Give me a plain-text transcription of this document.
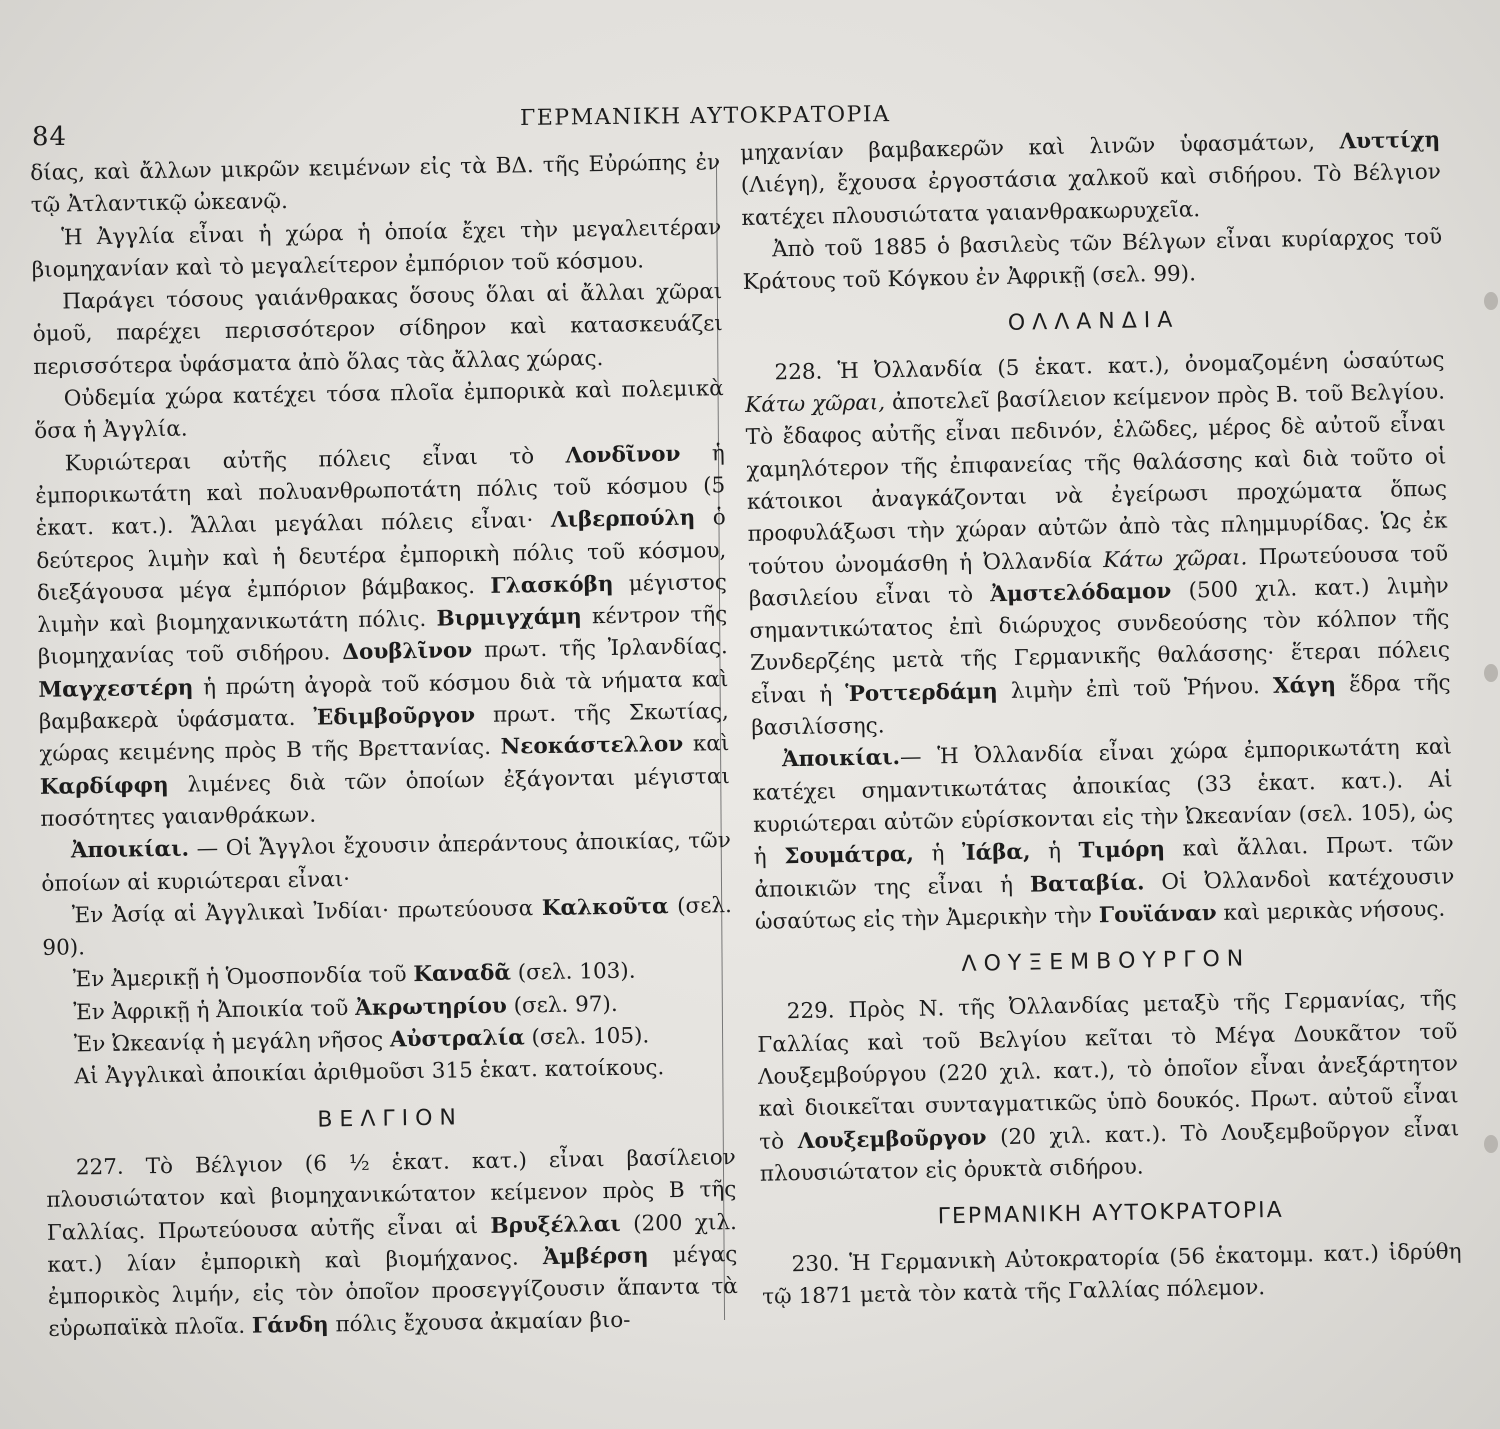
84
ΓΕΡΜΑΝΙΚΗ ΑΥΤΟΚΡΑΤΟΡΙΑ

δίας, καὶ ἄλλων μικρῶν κειμένων εἰς τὰ ΒΔ. τῆς Εὐρώπης ἐν τῷ Ἀτλαντικῷ ὠκεανῷ.

Ἡ Ἀγγλία εἶναι ἡ χώρα ἡ ὁποία ἔχει τὴν μεγαλειτέραν βιομηχανίαν καὶ τὸ μεγαλείτερον ἐμπόριον τοῦ κόσμου.

Παράγει τόσους γαιάνθρακας ὅσους ὅλαι αἱ ἄλλαι χῶραι ὁμοῦ, παρέχει περισσότερον σίδηρον καὶ κατασκευάζει περισσότερα ὑφάσματα ἀπὸ ὅλας τὰς ἄλλας χώρας.

Οὐδεμία χώρα κατέχει τόσα πλοῖα ἐμπορικὰ καὶ πολεμικὰ ὅσα ἡ Ἀγγλία.

Κυριώτεραι αὐτῆς πόλεις εἶναι τὸ Λονδῖνον ἡ ἐμπορικωτάτη καὶ πολυανθρωποτάτη πόλις τοῦ κόσμου (5 ἑκατ. κατ.). Ἄλλαι μεγάλαι πόλεις εἶναι· Λιβερπούλη ὁ δεύτερος λιμὴν καὶ ἡ δευτέρα ἐμπορικὴ πόλις τοῦ κόσμου, διεξάγουσα μέγα ἐμπόριον βάμβακος. Γλασκόβη μέγιστος λιμὴν καὶ βιομηχανικωτάτη πόλις. Βιρμιγχάμη κέντρον τῆς βιομηχανίας τοῦ σιδήρου. Δουβλῖνον πρωτ. τῆς Ἰρλανδίας. Μαγχεστέρη ἡ πρώτη ἀγορὰ τοῦ κόσμου διὰ τὰ νήματα καὶ βαμβακερὰ ὑφάσματα. Ἐδιμβοῦργον πρωτ. τῆς Σκωτίας, χώρας κειμένης πρὸς Β τῆς Βρεττανίας. Νεοκάστελλον καὶ Καρδίφφη λιμένες διὰ τῶν ὁποίων ἐξάγονται μέγισται ποσότητες γαιανθράκων.

Ἀποικίαι. — Οἱ Ἄγγλοι ἔχουσιν ἀπεράντους ἀποικίας, τῶν ὁποίων αἱ κυριώτεραι εἶναι·

Ἐν Ἀσίᾳ αἱ Ἀγγλικαὶ Ἰνδίαι· πρωτεύουσα Καλκοῦτα (σελ. 90).

Ἐν Ἀμερικῇ ἡ Ὁμοσπονδία τοῦ Καναδᾶ (σελ. 103).

Ἐν Ἀφρικῇ ἡ Ἀποικία τοῦ Ἀκρωτηρίου (σελ. 97).

Ἐν Ὠκεανίᾳ ἡ μεγάλη νῆσος Αὐστραλία (σελ. 105).

Αἱ Ἀγγλικαὶ ἀποικίαι ἀριθμοῦσι 315 ἑκατ. κατοίκους.

ΒΕΛΓΙΟΝ

227. Τὸ Βέλγιον (6 ½ ἑκατ. κατ.) εἶναι βασίλειον πλουσιώτατον καὶ βιομηχανικώτατον κείμενον πρὸς Β τῆς Γαλλίας. Πρωτεύουσα αὐτῆς εἶναι αἱ Βρυξέλλαι (200 χιλ. κατ.) λίαν ἐμπορικὴ καὶ βιομήχανος. Ἀμβέρση μέγας ἐμπορικὸς λιμήν, εἰς τὸν ὁποῖον προσεγγίζουσιν ἅπαντα τὰ εὐρωπαϊκὰ πλοῖα. Γάνδη πόλις ἔχουσα ἀκμαίαν βιο-

μηχανίαν βαμβακερῶν καὶ λινῶν ὑφασμάτων, Λυττίχη (Λιέγη), ἔχουσα ἐργοστάσια χαλκοῦ καὶ σιδήρου. Τὸ Βέλγιον κατέχει πλουσιώτατα γαιανθρακωρυχεῖα.

Ἀπὸ τοῦ 1885 ὁ βασιλεὺς τῶν Βέλγων εἶναι κυρίαρχος τοῦ Κράτους τοῦ Κόγκου ἐν Ἀφρικῇ (σελ. 99).

ΟΛΛΑΝΔΙΑ

228. Ἡ Ὀλλανδία (5 ἑκατ. κατ.), ὀνομαζομένη ὡσαύτως Κάτω χῶραι, ἀποτελεῖ βασίλειον κείμενον πρὸς Β. τοῦ Βελγίου. Τὸ ἔδαφος αὐτῆς εἶναι πεδινόν, ἑλῶδες, μέρος δὲ αὐτοῦ εἶναι χαμηλότερον τῆς ἐπιφανείας τῆς θαλάσσης καὶ διὰ τοῦτο οἱ κάτοικοι ἀναγκάζονται νὰ ἐγείρωσι προχώματα ὅπως προφυλάξωσι τὴν χώραν αὐτῶν ἀπὸ τὰς πλημμυρίδας. Ὡς ἐκ τούτου ὠνομάσθη ἡ Ὀλλανδία Κάτω χῶραι. Πρωτεύουσα τοῦ βασιλείου εἶναι τὸ Ἀμστελόδαμον (500 χιλ. κατ.) λιμὴν σημαντικώτατος ἐπὶ διώρυχος συνδεούσης τὸν κόλπον τῆς Ζυνδερζέης μετὰ τῆς Γερμανικῆς θαλάσσης· ἕτεραι πόλεις εἶναι ἡ Ῥοττερδάμη λιμὴν ἐπὶ τοῦ Ῥήνου. Χάγη ἕδρα τῆς βασιλίσσης.

Ἀποικίαι.— Ἡ Ὀλλανδία εἶναι χώρα ἐμπορικωτάτη καὶ κατέχει σημαντικωτάτας ἀποικίας (33 ἑκατ. κατ.). Αἱ κυριώτεραι αὐτῶν εὑρίσκονται εἰς τὴν Ὠκεανίαν (σελ. 105), ὡς ἡ Σουμάτρα, ἡ Ἰάβα, ἡ Τιμόρη καὶ ἄλλαι. Πρωτ. τῶν ἀποικιῶν της εἶναι ἡ Βαταβία. Οἱ Ὀλλανδοὶ κατέχουσιν ὡσαύτως εἰς τὴν Ἀμερικὴν τὴν Γουϊάναν καὶ μερικὰς νήσους.

ΛΟΥΞΕΜΒΟΥΡΓΟΝ

229. Πρὸς Ν. τῆς Ὀλλανδίας μεταξὺ τῆς Γερμανίας, τῆς Γαλλίας καὶ τοῦ Βελγίου κεῖται τὸ Μέγα Δουκᾶτον τοῦ Λουξεμβούργου (220 χιλ. κατ.), τὸ ὁποῖον εἶναι ἀνεξάρτητον καὶ διοικεῖται συνταγματικῶς ὑπὸ δουκός. Πρωτ. αὐτοῦ εἶναι τὸ Λουξεμβοῦργον (20 χιλ. κατ.). Τὸ Λουξεμβοῦργον εἶναι πλουσιώτατον εἰς ὀρυκτὰ σιδήρου.

ΓΕΡΜΑΝΙΚΗ ΑΥΤΟΚΡΑΤΟΡΙΑ

230. Ἡ Γερμανικὴ Αὐτοκρατορία (56 ἑκατομμ. κατ.) ἱδρύθη τῷ 1871 μετὰ τὸν κατὰ τῆς Γαλλίας πόλεμον.
